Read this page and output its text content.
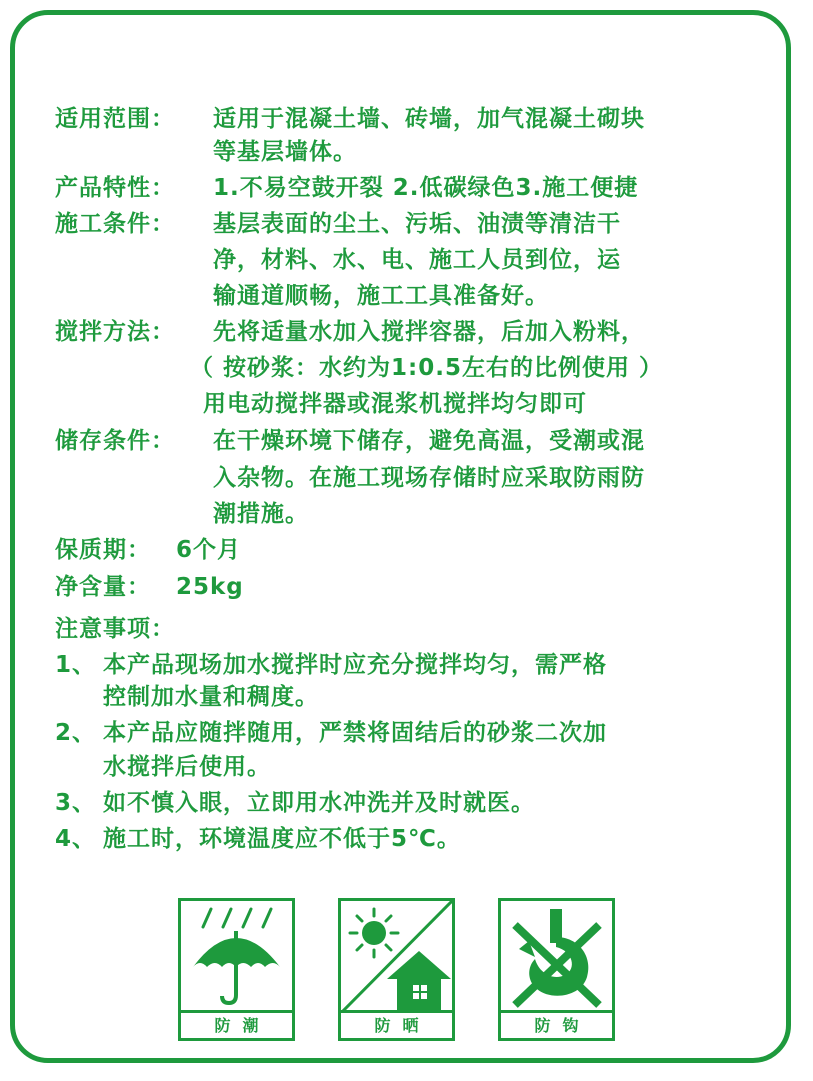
适用范围： 适用于混凝土墙、砖墙，加气混凝土砌块
等基层墙体。
产品特性： 1.不易空鼓开裂 2.低碳绿色3.施工便捷
施工条件： 基层表面的尘土、污垢、油渍等清洁干
净，材料、水、电、施工人员到位，运
输通道顺畅，施工工具准备好。
搅拌方法： 先将适量水加入搅拌容器，后加入粉料，
（ 按砂浆：水约为1:0.5左右的比例使用 ）
用电动搅拌器或混浆机搅拌均匀即可
储存条件： 在干燥环境下储存，避免高温，受潮或混
入杂物。在施工现场存储时应采取防雨防
潮措施。
保质期： 6个月
净含量： 25kg
注意事项：
1、 本产品现场加水搅拌时应充分搅拌均匀，需严格
控制加水量和稠度。
2、 本产品应随拌随用，严禁将固结后的砂浆二次加
水搅拌后使用。
3、 如不慎入眼，立即用水冲洗并及时就医。
4、 施工时，环境温度应不低于5℃。
防潮	防晒	防钩
